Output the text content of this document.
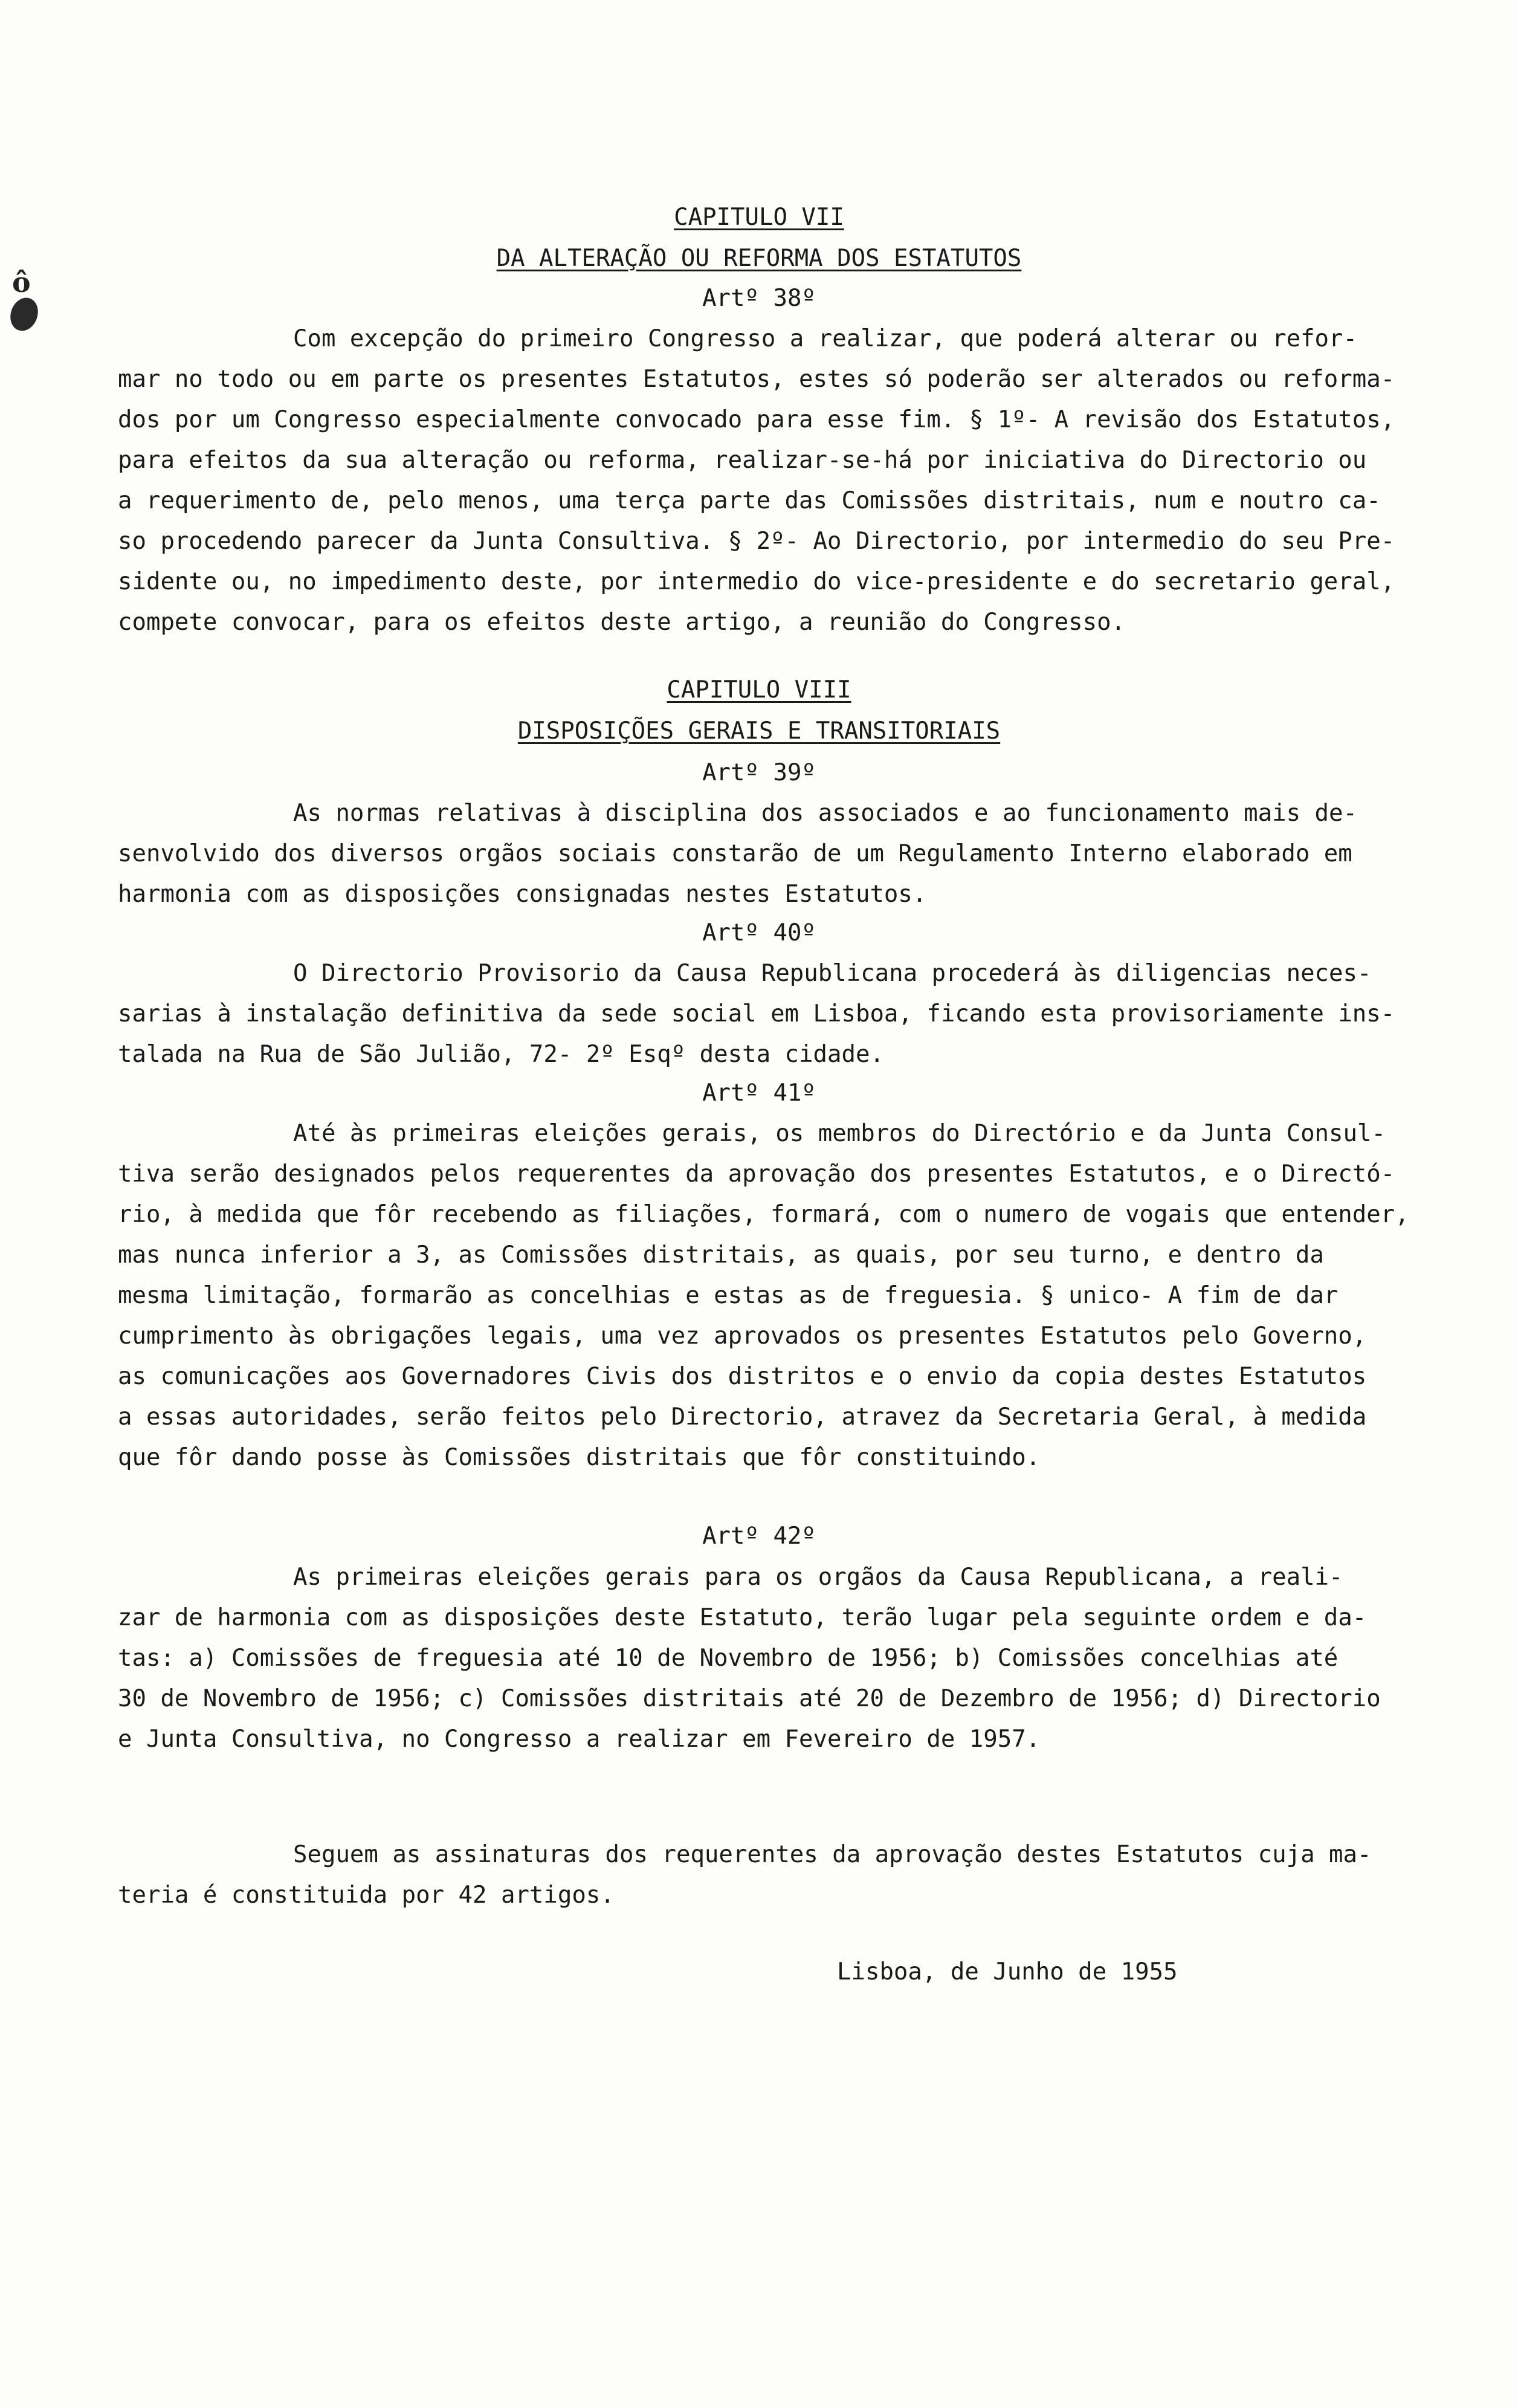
ô
CAPITULO VII
DA ALTERAÇÃO OU REFORMA DOS ESTATUTOS
Artº 38º
Com excepção do primeiro Congresso a realizar, que poderá alterar ou refor-
mar no todo ou em parte os presentes Estatutos, estes só poderão ser alterados ou reforma-
dos por um Congresso especialmente convocado para esse fim. § 1º- A revisão dos Estatutos,
para efeitos da sua alteração ou reforma, realizar-se-há por iniciativa do Directorio ou
a requerimento de, pelo menos, uma terça parte das Comissões distritais, num e noutro ca-
so procedendo parecer da Junta Consultiva. § 2º- Ao Directorio, por intermedio do seu Pre-
sidente ou, no impedimento deste, por intermedio do vice-presidente e do secretario geral,
compete convocar, para os efeitos deste artigo, a reunião do Congresso.
CAPITULO VIII
DISPOSIÇÕES GERAIS E TRANSITORIAIS
Artº 39º
As normas relativas à disciplina dos associados e ao funcionamento mais de-
senvolvido dos diversos orgãos sociais constarão de um Regulamento Interno elaborado em
harmonia com as disposições consignadas nestes Estatutos.
Artº 40º
O Directorio Provisorio da Causa Republicana procederá às diligencias neces-
sarias à instalação definitiva da sede social em Lisboa, ficando esta provisoriamente ins-
talada na Rua de São Julião, 72- 2º Esqº desta cidade.
Artº 41º
Até às primeiras eleições gerais, os membros do Directório e da Junta Consul-
tiva serão designados pelos requerentes da aprovação dos presentes Estatutos, e o Directó-
rio, à medida que fôr recebendo as filiações, formará, com o numero de vogais que entender,
mas nunca inferior a 3, as Comissões distritais, as quais, por seu turno, e dentro da
mesma limitação, formarão as concelhias e estas as de freguesia. § unico- A fim de dar
cumprimento às obrigações legais, uma vez aprovados os presentes Estatutos pelo Governo,
as comunicações aos Governadores Civis dos distritos e o envio da copia destes Estatutos
a essas autoridades, serão feitos pelo Directorio, atravez da Secretaria Geral, à medida
que fôr dando posse às Comissões distritais que fôr constituindo.
Artº 42º
As primeiras eleições gerais para os orgãos da Causa Republicana, a reali-
zar de harmonia com as disposições deste Estatuto, terão lugar pela seguinte ordem e da-
tas: a) Comissões de freguesia até 10 de Novembro de 1956; b) Comissões concelhias até
30 de Novembro de 1956; c) Comissões distritais até 20 de Dezembro de 1956; d) Directorio
e Junta Consultiva, no Congresso a realizar em Fevereiro de 1957.
Seguem as assinaturas dos requerentes da aprovação destes Estatutos cuja ma-
teria é constituida por 42 artigos.
Lisboa, de Junho de 1955
